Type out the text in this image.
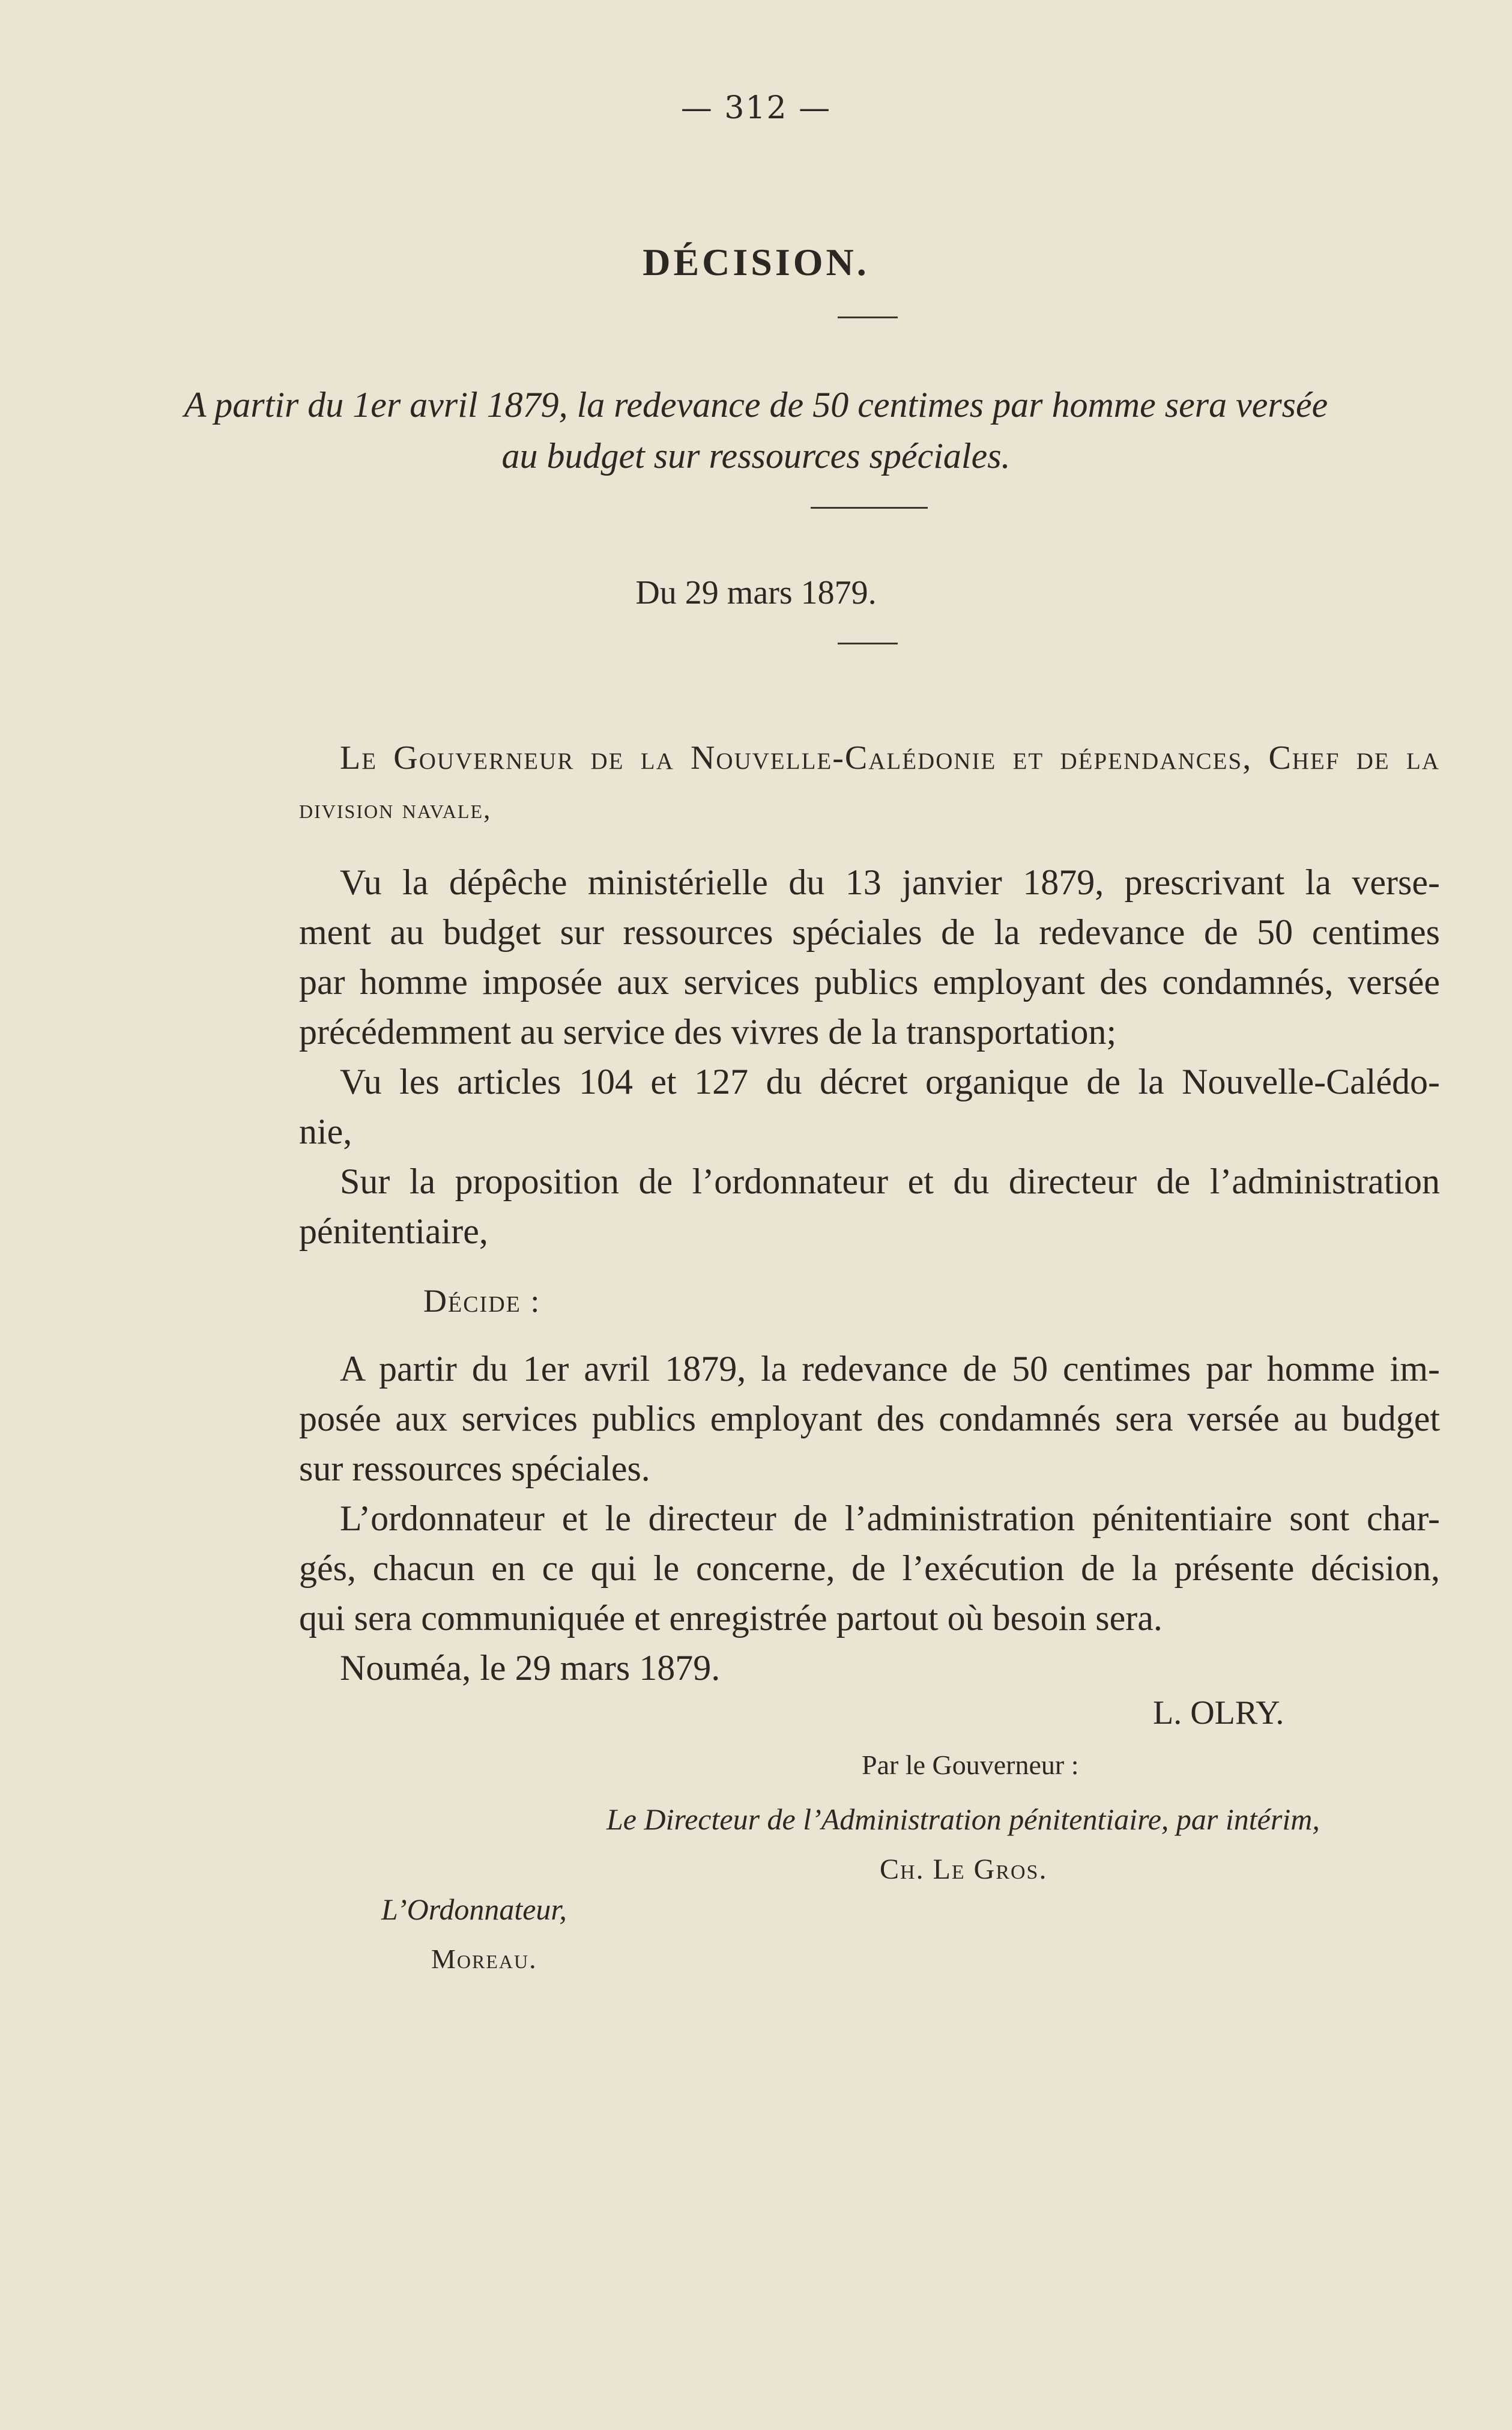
— 312 —
DÉCISION.
A partir du 1er avril 1879, la redevance de 50 centimes par homme sera versée
au budget sur ressources spéciales.
Du 29 mars 1879.
Le Gouverneur de la Nouvelle-Calédonie et dépendances, Chef de la
division navale,
Vu la dépêche ministérielle du 13 janvier 1879, prescrivant la verse-
ment au budget sur ressources spéciales de la redevance de 50 centimes
par homme imposée aux services publics employant des condamnés, versée
précédemment au service des vivres de la transportation;
Vu les articles 104 et 127 du décret organique de la Nouvelle-Calédo-
nie,
Sur la proposition de l’ordonnateur et du directeur de l’administration
pénitentiaire,
Décide :
A partir du 1er avril 1879, la redevance de 50 centimes par homme im-
posée aux services publics employant des condamnés sera versée au budget
sur ressources spéciales.
L’ordonnateur et le directeur de l’administration pénitentiaire sont char-
gés, chacun en ce qui le concerne, de l’exécution de la présente décision,
qui sera communiquée et enregistrée partout où besoin sera.
Nouméa, le 29 mars 1879.
L. OLRY.
Par le Gouverneur :
Le Directeur de l’Administration pénitentiaire, par intérim,
Ch. Le Gros.
L’Ordonnateur,
Moreau.
